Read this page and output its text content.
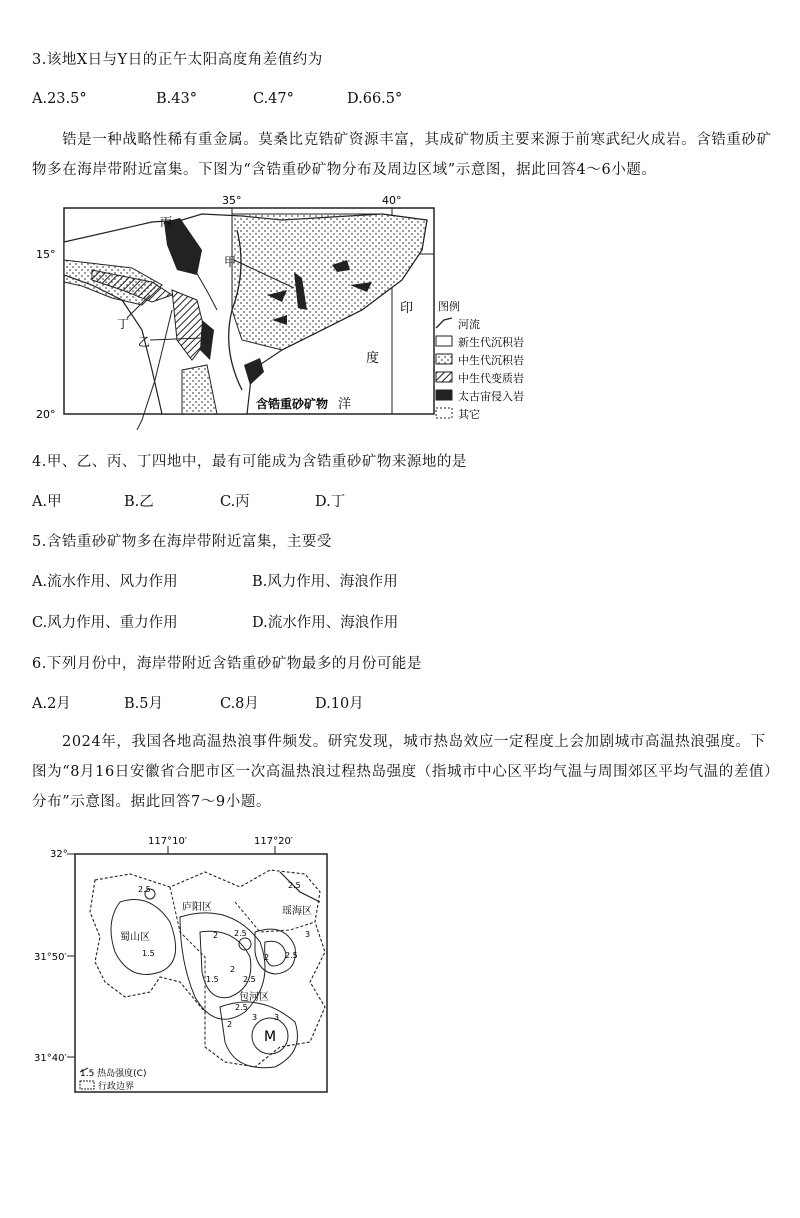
3.该地X日与Y日的正午太阳高度角差值约为
A.23.5°	B.43°	C.47°	D.66.5°
锆是一种战略性稀有重金属。莫桑比克锆矿资源丰富，其成矿物质主要来源于前寒武纪火成岩。含锆重砂矿物多在海岸带附近富集。下图为“含锆重砂矿物分布及周边区域”示意图，据此回答4～6小题。
35°	40°
15°
20°
丙
甲
丁
乙
印
度
洋
含锆重砂矿物
图例
河流
新生代沉积岩
中生代沉积岩
中生代变质岩
太古宙侵入岩
其它
4.甲、乙、丙、丁四地中，最有可能成为含锆重砂矿物来源地的是
A.甲	B.乙	C.丙	D.丁
5.含锆重砂矿物多在海岸带附近富集，主要受
A.流水作用、风力作用	B.风力作用、海浪作用
C.风力作用、重力作用	D.流水作用、海浪作用
6.下列月份中，海岸带附近含锆重砂矿物最多的月份可能是
A.2月	B.5月	C.8月	D.10月
2024年，我国各地高温热浪事件频发。研究发现，城市热岛效应一定程度上会加剧城市高温热浪强度。下图为“8月16日安徽省合肥市区一次高温热浪过程热岛强度（指城市中心区平均气温与周围郊区平均气温的差值）分布”示意图。据此回答7～9小题。
117°10′	117°20′
32°
31°50′
31°40′
庐阳区	瑶海区
蜀山区
包河区
M
2.5
1.5
2 2.5
2.5
2 2.5
1.5
2
2.5
3
2
3
2.5
3
1.5 热岛强度(C)
行政边界
